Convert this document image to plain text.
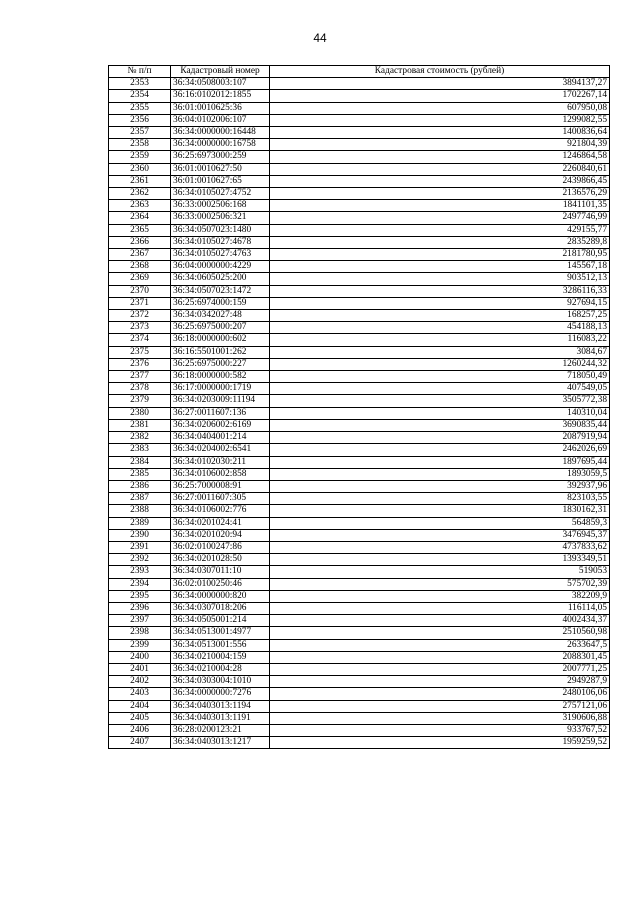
44
№ п/п	Кадастровый номер	Кадастровая стоимость (рублей)
2353	36:34:0508003:107	3894137,27
2354	36:16:0102012:1855	1702267,14
2355	36:01:0010625:36	607950,08
2356	36:04:0102006:107	1299082,55
2357	36:34:0000000:16448	1400836,64
2358	36:34:0000000:16758	921804,39
2359	36:25:6973000:259	1246864,58
2360	36:01:0010627:50	2260840,61
2361	36:01:0010627:65	2439866,45
2362	36:34:0105027:4752	2136576,29
2363	36:33:0002506:168	1841101,35
2364	36:33:0002506:321	2497746,99
2365	36:34:0507023:1480	429155,77
2366	36:34:0105027:4678	2835289,8
2367	36:34:0105027:4763	2181780,95
2368	36:04:0000000:4229	145567,18
2369	36:34:0605025:200	903512,13
2370	36:34:0507023:1472	3286116,33
2371	36:25:6974000:159	927694,15
2372	36:34:0342027:48	168257,25
2373	36:25:6975000:207	454188,13
2374	36:18:0000000:602	116083,22
2375	36:16:5501001:262	3084,67
2376	36:25:6975000:227	1260244,32
2377	36:18:0000000:582	718050,49
2378	36:17:0000000:1719	407549,05
2379	36:34:0203009:11194	3505772,38
2380	36:27:0011607:136	140310,04
2381	36:34:0206002:6169	3690835,44
2382	36:34:0404001:214	2087919,94
2383	36:34:0204002:6541	2462026,69
2384	36:34:0102030:211	1897695,44
2385	36:34:0106002:858	1893059,5
2386	36:25:7000008:91	392937,96
2387	36:27:0011607:305	823103,55
2388	36:34:0106002:776	1830162,31
2389	36:34:0201024:41	564859,3
2390	36:34:0201020:94	3476945,37
2391	36:02:0100247:86	4737833,62
2392	36:34:0201028:50	1393349,51
2393	36:34:0307011:10	519053
2394	36:02:0100250:46	575702,39
2395	36:34:0000000:820	382209,9
2396	36:34:0307018:206	116114,05
2397	36:34:0505001:214	4002434,37
2398	36:34:0513001:4977	2510560,98
2399	36:34:0513001:556	2633647,5
2400	36:34:0210004:159	2088301,45
2401	36:34:0210004:28	2007771,25
2402	36:34:0303004:1010	2949287,9
2403	36:34:0000000:7276	2480106,06
2404	36:34:0403013:1194	2757121,06
2405	36:34:0403013:1191	3190606,88
2406	36:28:0200123:21	933767,52
2407	36:34:0403013:1217	1959259,52
